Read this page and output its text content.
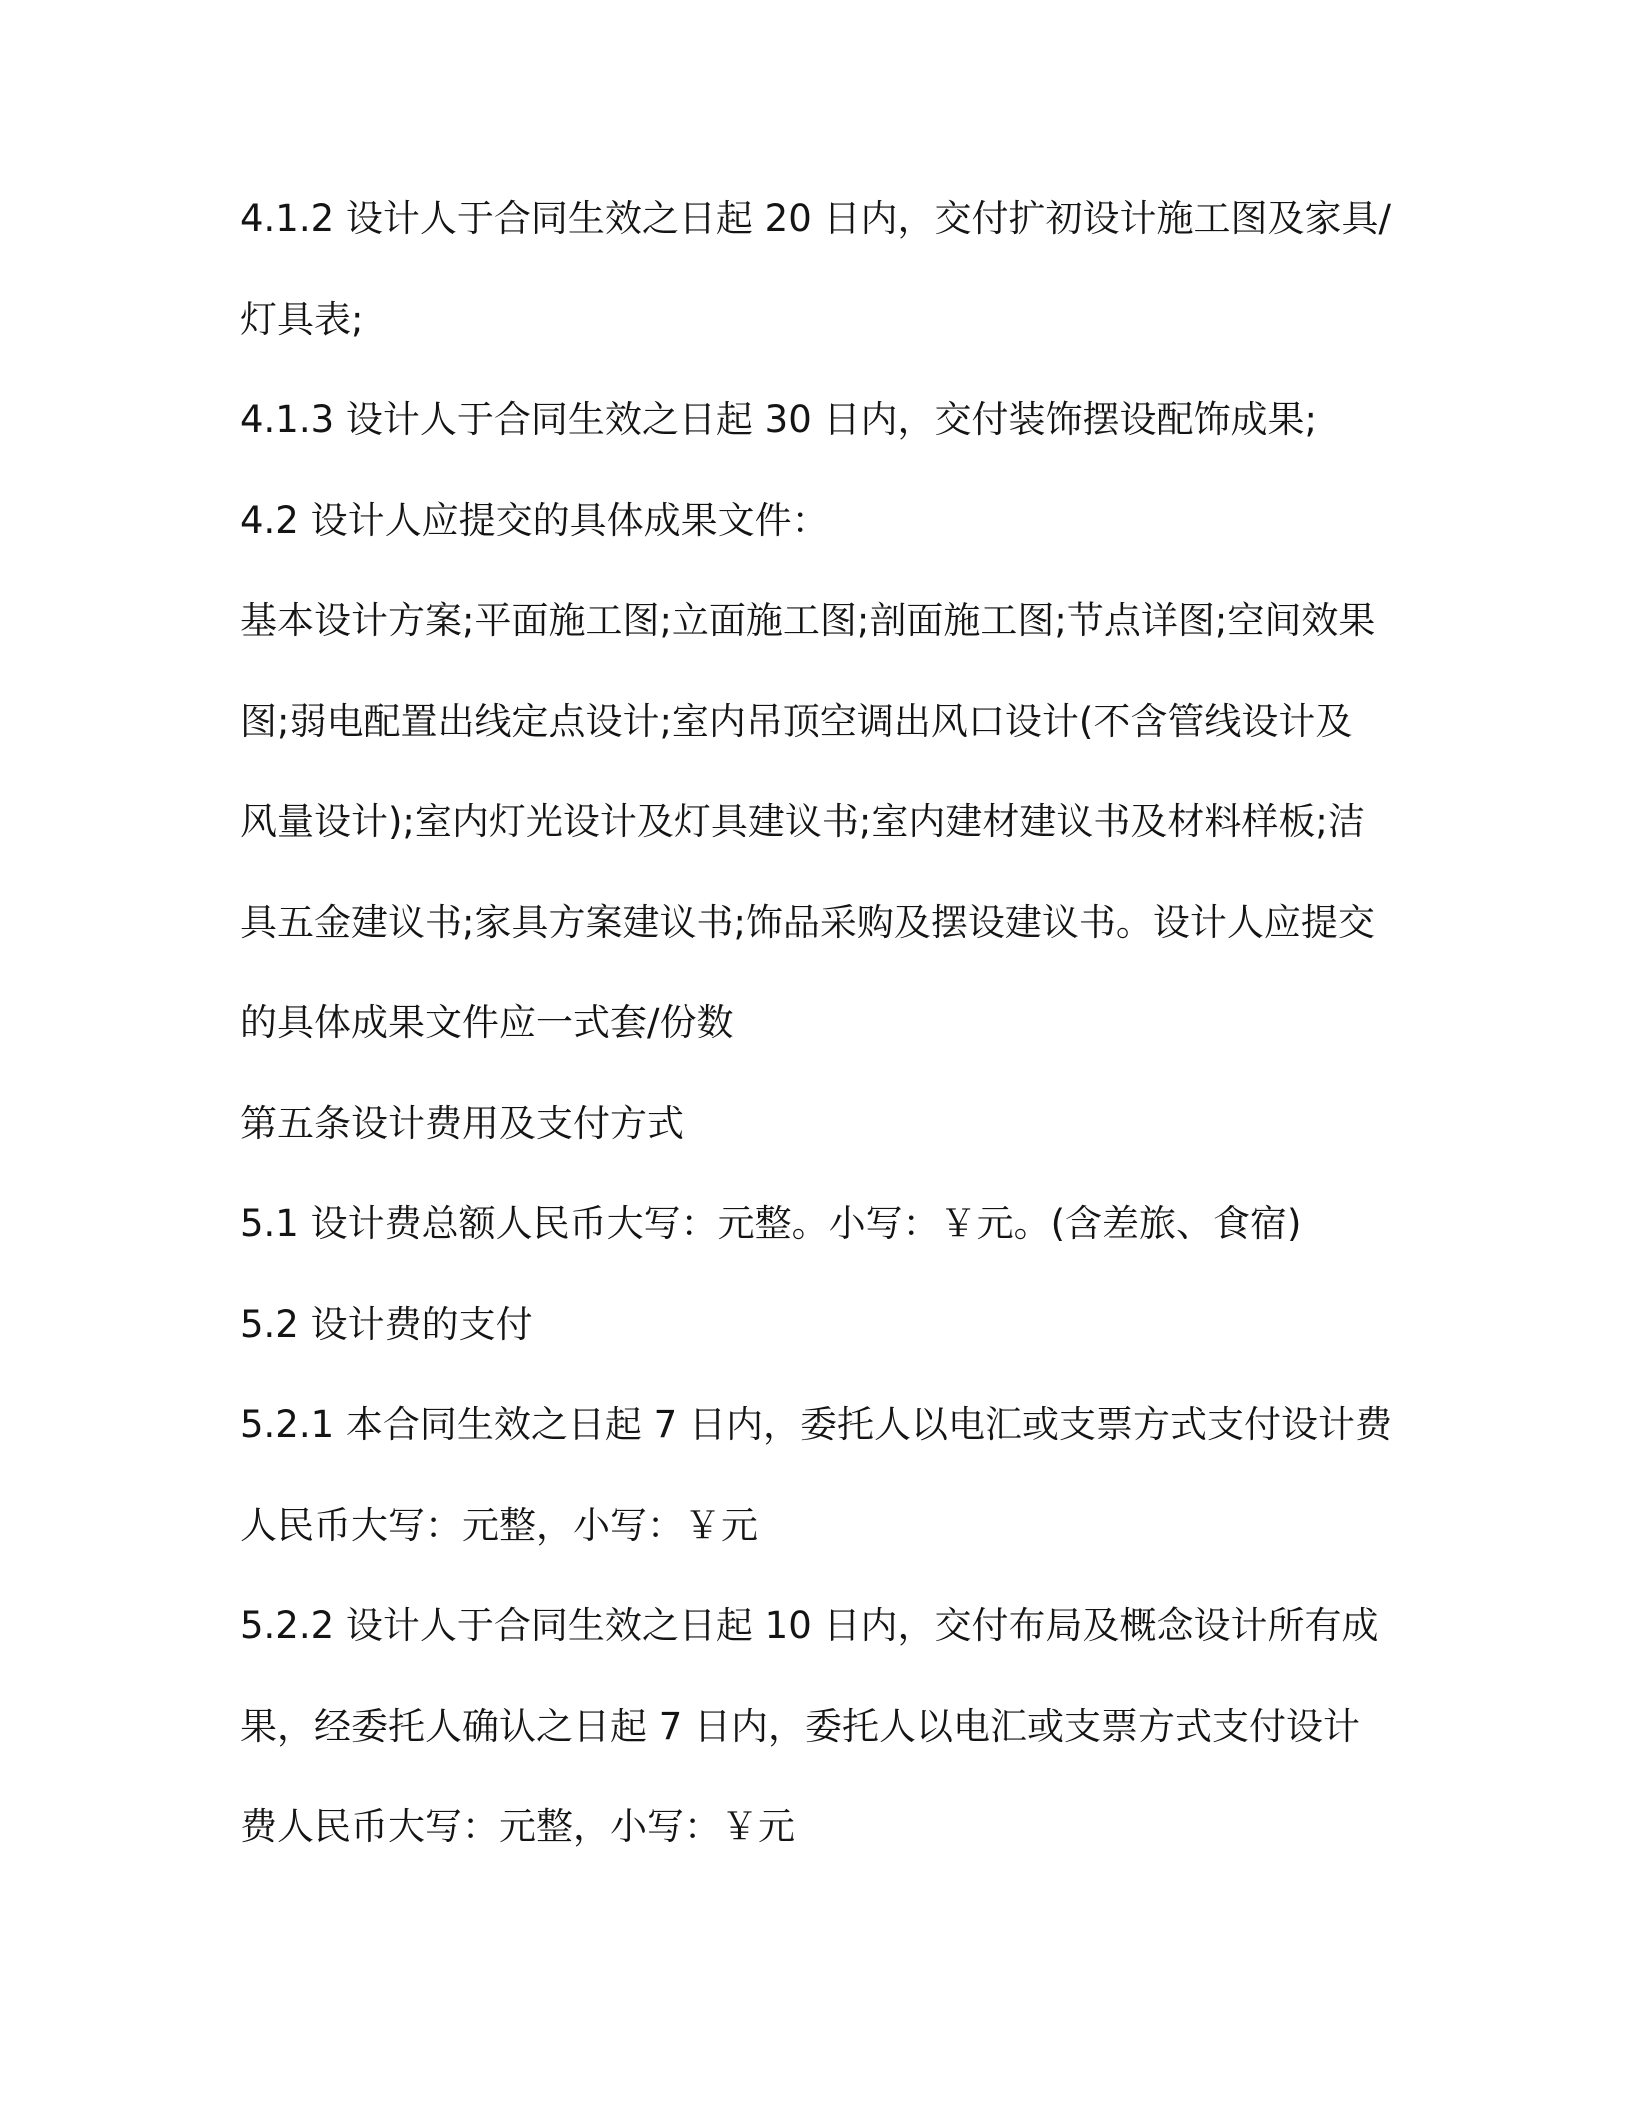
4.1.2 设计人于合同生效之日起 20 日内，交付扩初设计施工图及家具/
灯具表;
4.1.3 设计人于合同生效之日起 30 日内，交付装饰摆设配饰成果;
4.2 设计人应提交的具体成果文件：
基本设计方案;平面施工图;立面施工图;剖面施工图;节点详图;空间效果
图;弱电配置出线定点设计;室内吊顶空调出风口设计(不含管线设计及
风量设计);室内灯光设计及灯具建议书;室内建材建议书及材料样板;洁
具五金建议书;家具方案建议书;饰品采购及摆设建议书。设计人应提交
的具体成果文件应一式套/份数
第五条设计费用及支付方式
5.1 设计费总额人民币大写：元整。小写：￥元。(含差旅、食宿)
5.2 设计费的支付
5.2.1 本合同生效之日起 7 日内，委托人以电汇或支票方式支付设计费
人民币大写：元整，小写：￥元
5.2.2 设计人于合同生效之日起 10 日内，交付布局及概念设计所有成
果，经委托人确认之日起 7 日内，委托人以电汇或支票方式支付设计
费人民币大写：元整，小写：￥元
